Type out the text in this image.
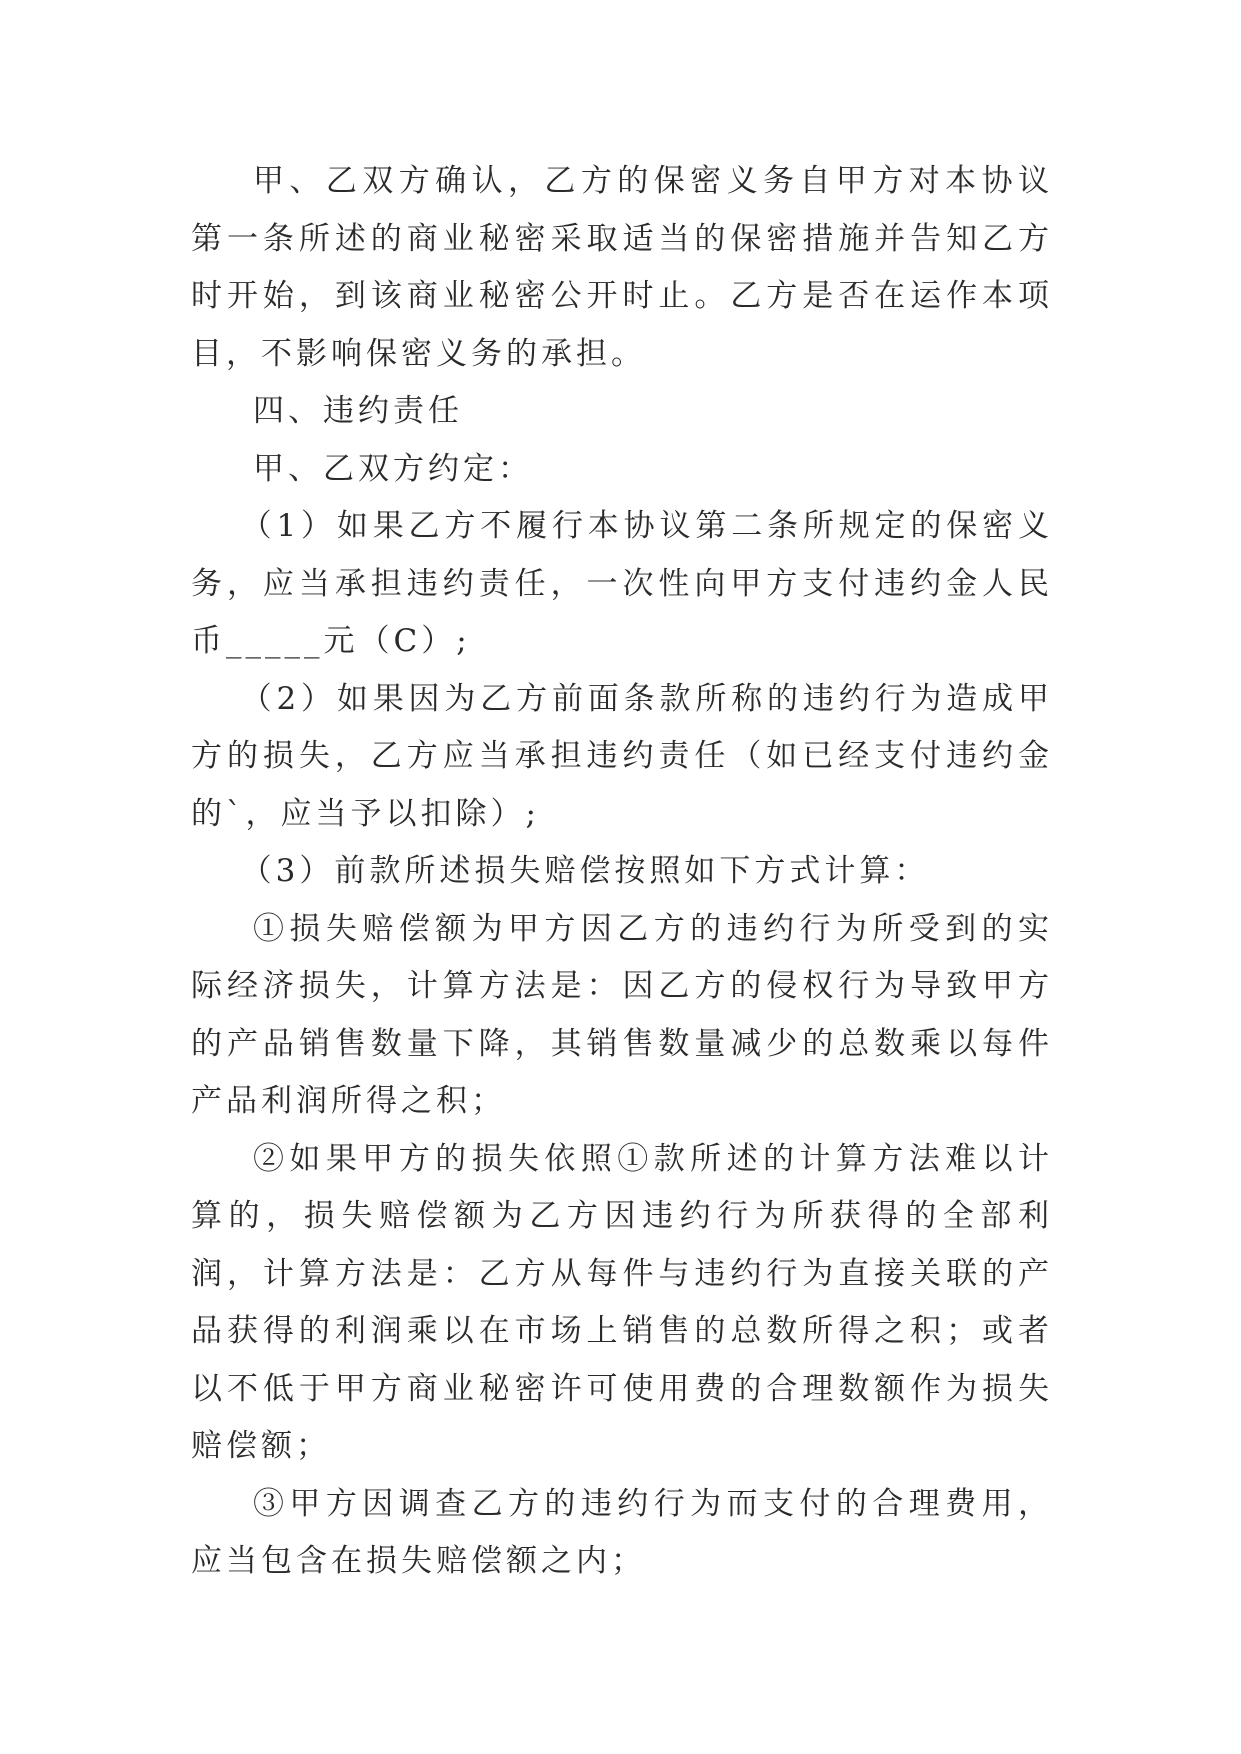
甲、乙双方确认，乙方的保密义务自甲方对本协议第一条所述的商业秘密采取适当的保密措施并告知乙方时开始，到该商业秘密公开时止。乙方是否在运作本项目，不影响保密义务的承担。

四、违约责任

甲、乙双方约定：

（1）如果乙方不履行本协议第二条所规定的保密义务，应当承担违约责任，一次性向甲方支付违约金人民币_____元（C）;

（2）如果因为乙方前面条款所称的违约行为造成甲方的损失，乙方应当承担违约责任（如已经支付违约金的`，应当予以扣除）;

（3）前款所述损失赔偿按照如下方式计算：

①损失赔偿额为甲方因乙方的违约行为所受到的实际经济损失，计算方法是：因乙方的侵权行为导致甲方的产品销售数量下降，其销售数量减少的总数乘以每件产品利润所得之积；

②如果甲方的损失依照①款所述的计算方法难以计算的，损失赔偿额为乙方因违约行为所获得的全部利润，计算方法是：乙方从每件与违约行为直接关联的产品获得的利润乘以在市场上销售的总数所得之积；或者以不低于甲方商业秘密许可使用费的合理数额作为损失赔偿额；

③甲方因调查乙方的违约行为而支付的合理费用，应当包含在损失赔偿额之内；
